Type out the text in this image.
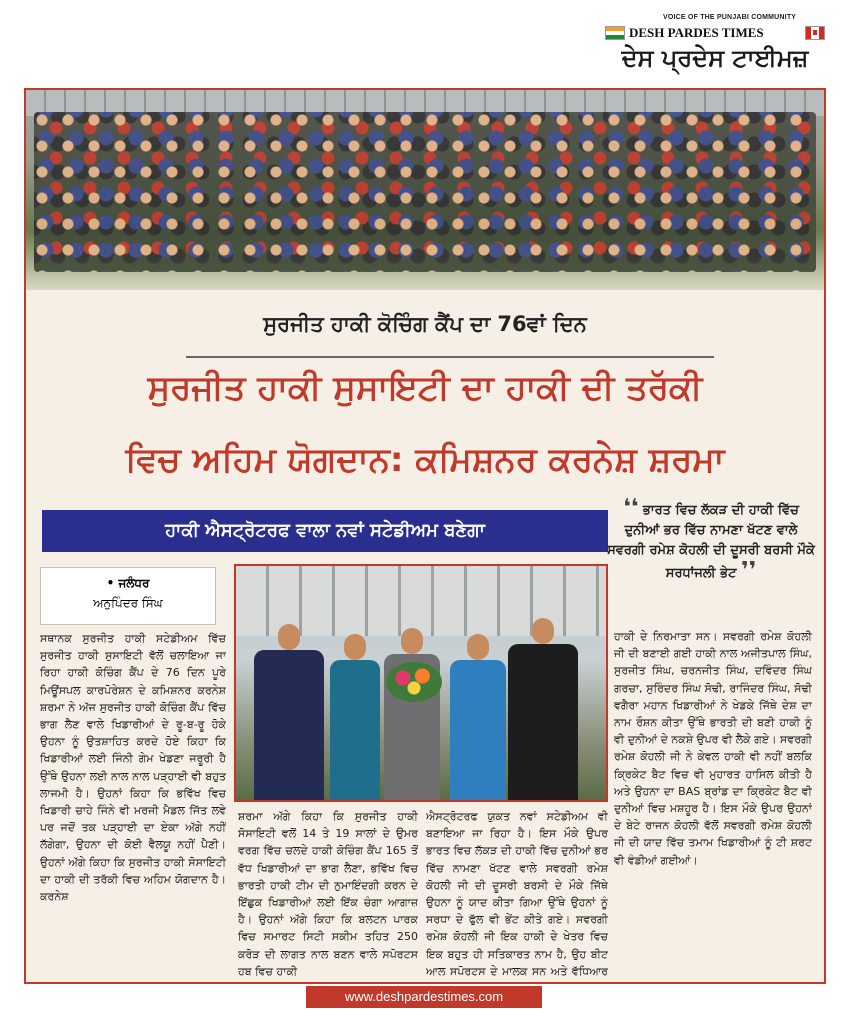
VOICE OF THE PUNJABI COMMUNITY
DESH PARDES TIMES
ਦੇਸ ਪ੍ਰਦੇਸ ਟਾਈਮਜ਼
ਸੁਰਜੀਤ ਹਾਕੀ ਕੋਚਿੰਗ ਕੈਂਪ ਦਾ 76ਵਾਂ ਦਿਨ
ਸੁਰਜੀਤ ਹਾਕੀ ਸੁਸਾਇਟੀ ਦਾ ਹਾਕੀ ਦੀ ਤਰੱਕੀ
ਵਿਚ ਅਹਿਮ ਯੋਗਦਾਨ: ਕਮਿਸ਼ਨਰ ਕਰਨੇਸ਼ ਸ਼ਰਮਾ
ਹਾਕੀ ਐਸਟ੍ਰੋਟਰਫ ਵਾਲਾ ਨਵਾਂ ਸਟੇਡੀਅਮ ਬਣੇਗਾ
❛❛ ਭਾਰਤ ਵਿਚ ਲੱਕੜ ਦੀ ਹਾਕੀ ਵਿੱਚ ਦੁਨੀਆਂ ਭਰ ਵਿੱਚ ਨਾਮਣਾ ਖੱਟਣ ਵਾਲੇ ਸਵਰਗੀ ਰਮੇਸ਼ ਕੋਹਲੀ ਦੀ ਦੂਸਰੀ ਬਰਸੀ ਮੌਕੇ ਸਰਧਾਂਜਲੀ ਭੇਟ ❜❜
• ਜਲੰਧਰ
ਅਨੁਪਿੰਦਰ ਸਿੰਘ
ਸਥਾਨਕ ਸੁਰਜੀਤ ਹਾਕੀ ਸਟੇਡੀਅਮ ਵਿੱਚ ਸੁਰਜੀਤ ਹਾਕੀ ਸੁਸਾਇਟੀ ਵੱਲੋਂ ਚਲਾਇਆ ਜਾ ਰਿਹਾ ਹਾਕੀ ਕੋਚਿੰਗ ਕੈਂਪ ਦੇ 76 ਦਿਨ ਪੂਰੇ ਮਿਊਂਸਪਲ ਕਾਰਪੋਰੇਸ਼ਨ ਦੇ ਕਮਿਸ਼ਨਰ ਕਰਨੇਸ਼ ਸ਼ਰਮਾ ਨੇ ਅੱਜ ਸੁਰਜੀਤ ਹਾਕੀ ਕੋਚਿੰਗ ਕੈਂਪ ਵਿੱਚ ਭਾਗ ਲੈਣ ਵਾਲੇ ਖਿਡਾਰੀਆਂ ਦੇ ਰੂ-ਬ-ਰੂ ਹੋਕੇ ਉਹਨਾ ਨੂੰ ਉਤਸ਼ਾਹਿਤ ਕਰਦੇ ਹੋਏ ਕਿਹਾ ਕਿ ਖਿਡਾਰੀਆਂ ਲਈ ਜਿੰਨੀ ਗੇਮ ਖੇਡਣਾ ਜਰੂਰੀ ਹੈ ਉੱਥੇ ਉਹਨਾ ਲਈ ਨਾਲ ਨਾਲ ਪੜ੍ਹਾਈ ਵੀ ਬਹੁਤ ਲਾਜਮੀ ਹੈ। ਉਹਨਾਂ ਕਿਹਾ ਕਿ ਭਵਿੱਖ ਵਿਚ ਖਿਡਾਰੀ ਚਾਹੇ ਜਿੰਨੇ ਵੀ ਮਰਜੀ ਮੈਡਲ ਜਿੱਤ ਲਵੇ ਪਰ ਜਦੋਂ ਤਕ ਪੜ੍ਹਾਈ ਦਾ ਏਕਾ ਅੱਗੇ ਨਹੀਂ ਲੱਗੇਗਾ, ਉਹਨਾ ਦੀ ਕੋਈ ਵੈਲਯੂ ਨਹੀਂ ਪੈਣੀ। ਉਹਨਾਂ ਅੱਗੇ ਕਿਹਾ ਕਿ ਸੁਰਜੀਤ ਹਾਕੀ ਸੋਸਾਇਟੀ ਦਾ ਹਾਕੀ ਦੀ ਤਰੱਕੀ ਵਿਚ ਅਹਿਮ ਯੋਗਦਾਨ ਹੈ। ਕਰਨੇਸ਼
ਸ਼ਰਮਾ ਅੱਗੇ ਕਿਹਾ ਕਿ ਸੁਰਜੀਤ ਹਾਕੀ ਸੋਸਾਇਟੀ ਵਲੋਂ 14 ਤੇ 19 ਸਾਲਾਂ ਦੇ ਉਮਰ ਵਰਗ ਵਿੱਚ ਚਲਦੇ ਹਾਕੀ ਕੋਚਿੰਗ ਕੈਂਪ 165 ਤੋਂ ਵੱਧ ਖਿਡਾਰੀਆਂ ਦਾ ਭਾਗ ਲੈਣਾ, ਭਵਿੱਖ ਵਿਚ ਭਾਰਤੀ ਹਾਕੀ ਟੀਮ ਦੀ ਨੁਮਾਇੰਦਗੀ ਕਰਨ ਦੇ ਇੱਛੁਕ ਖਿਡਾਰੀਆਂ ਲਈ ਇੱਕ ਚੰਗਾ ਆਗਾਜ਼ ਹੈ। ਉਹਨਾਂ ਅੱਗੇ ਕਿਹਾ ਕਿ ਬਲਟਨ ਪਾਰਕ ਵਿਚ ਸਮਾਰਟ ਸਿਟੀ ਸਕੀਮ ਤਹਿਤ 250 ਕਰੋੜ ਦੀ ਲਾਗਤ ਨਾਲ ਬਣਨ ਵਾਲੇ ਸਪੋਰਟਸ ਹਬ ਵਿਚ ਹਾਕੀ
ਐਸਟ੍ਰੋਟਰਫ ਯੁਕਤ ਨਵਾਂ ਸਟੇਡੀਅਮ ਵੀ ਬਣਾਇਆ ਜਾ ਰਿਹਾ ਹੈ। ਇਸ ਮੌਕੇ ਉਪਰ ਭਾਰਤ ਵਿਚ ਲੱਕੜ ਦੀ ਹਾਕੀ ਵਿੱਚ ਦੁਨੀਆਂ ਭਰ ਵਿੱਚ ਨਾਮਣਾ ਖੱਟਣ ਵਾਲੇ ਸਵਰਗੀ ਰਮੇਸ਼ ਕੋਹਲੀ ਜੀ ਦੀ ਦੂਸਰੀ ਬਰਸੀ ਦੇ ਮੌਕੇ ਜਿੱਥੇ ਉਹਨਾ ਨੂੰ ਯਾਦ ਕੀਤਾ ਗਿਆ ਉੱਥੇ ਉਹਨਾਂ ਨੂੰ ਸਰਧਾ ਦੇ ਫੁੱਲ ਵੀ ਭੇਂਟ ਕੀਤੇ ਗਏ। ਸਵਰਗੀ ਰਮੇਸ਼ ਕੋਹਲੀ ਜੀ ਇਕ ਹਾਕੀ ਦੇ ਖੇਤਰ ਵਿਚ ਇਕ ਬਹੁਤ ਹੀ ਸਤਿਕਾਰਤ ਨਾਮ ਹੈ, ਉਹ ਬੀਟ ਆਲ ਸਪੋਰਟਸ ਦੇ ਮਾਲਕ ਸਨ ਅਤੇ ਵੱਧਿਆਰ
ਹਾਕੀ ਦੇ ਨਿਰਮਾਤਾ ਸਨ। ਸਵਰਗੀ ਰਮੇਸ਼ ਕੋਹਲੀ ਜੀ ਦੀ ਬਣਾਈ ਗਈ ਹਾਕੀ ਨਾਲ ਅਜੀਤਪਾਲ ਸਿੰਘ, ਸੁਰਜੀਤ ਸਿੰਘ, ਚਰਨਜੀਤ ਸਿੰਘ, ਦਵਿੰਦਰ ਸਿੰਘ ਗਰਚਾ, ਸੁਰਿੰਦਰ ਸਿੰਘ ਸੋਢੀ, ਰਾਜਿੰਦਰ ਸਿੰਘ, ਸੋਢੀ ਵਗੈਰਾ ਮਹਾਨ ਖਿਡਾਰੀਆਂ ਨੇ ਖੇਡਕੇ ਜਿੱਥੇ ਦੇਸ਼ ਦਾ ਨਾਮ ਰੌਸ਼ਨ ਕੀਤਾ ਉੱਥੇ ਭਾਰਤੀ ਦੀ ਬਣੀ ਹਾਕੀ ਨੂੰ ਵੀ ਦੁਨੀਆਂ ਦੇ ਨਕਸ਼ੇ ਉਪਰ ਵੀ ਲੈਕੇ ਗਏ। ਸਵਰਗੀ ਰਮੇਸ਼ ਕੋਹਲੀ ਜੀ ਨੇ ਕੇਵਲ ਹਾਕੀ ਵੀ ਨਹੀਂ ਬਲਕਿ ਕ੍ਰਿਕੇਟ ਬੈਟ ਵਿਚ ਵੀ ਮੁਹਾਰਤ ਹਾਸਿਲ ਕੀਤੀ ਹੈ ਅਤੇ ਉਹਨਾ ਦਾ BAS ਬ੍ਰਾਂਡ ਦਾ ਕ੍ਰਿਕੇਟ ਬੈਟ ਵੀ ਦੁਨੀਆਂ ਵਿਚ ਮਸ਼ਹੂਰ ਹੈ। ਇਸ ਮੌਕੇ ਉਪਰ ਉਹਨਾਂ ਦੇ ਬੇਟੇ ਰਾਜਨ ਕੋਹਲੀ ਵੱਲੋਂ ਸਵਰਗੀ ਰਮੇਸ਼ ਕੋਹਲੀ ਜੀ ਦੀ ਯਾਦ ਵਿੱਚ ਤਮਾਮ ਖਿਡਾਰੀਆਂ ਨੂੰ ਟੀ ਸ਼ਰਟ ਵੀ ਵੰਡੀਆਂ ਗਈਆਂ।
www.deshpardestimes.com
